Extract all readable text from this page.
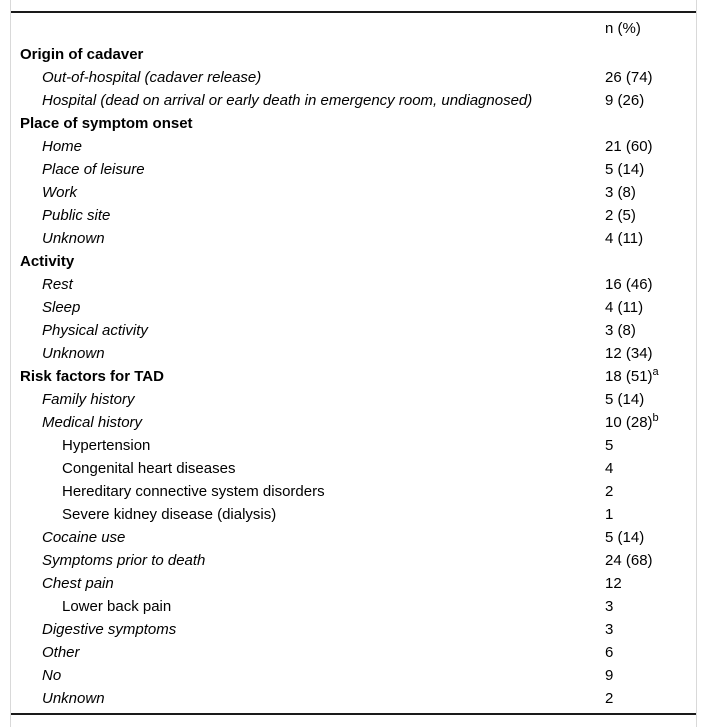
n (%)
Origin of cadaver
Out-of-hospital (cadaver release)	26 (74)
Hospital (dead on arrival or early death in emergency room, undiagnosed)	9 (26)
Place of symptom onset
Home	21 (60)
Place of leisure	5 (14)
Work	3 (8)
Public site	2 (5)
Unknown	4 (11)
Activity
Rest	16 (46)
Sleep	4 (11)
Physical activity	3 (8)
Unknown	12 (34)
Risk factors for TAD	18 $(51)^a$
Family history	5 (14)
Medical history	10 $(28)^b$
Hypertension	5
Congenital heart diseases	4
Hereditary connective system disorders	2
Severe kidney disease (dialysis)	1
Cocaine use	5 (14)
Symptoms prior to death	24 (68)
Chest pain	12
Lower back pain	3
Digestive symptoms	3
Other	6
No	9
Unknown	2
